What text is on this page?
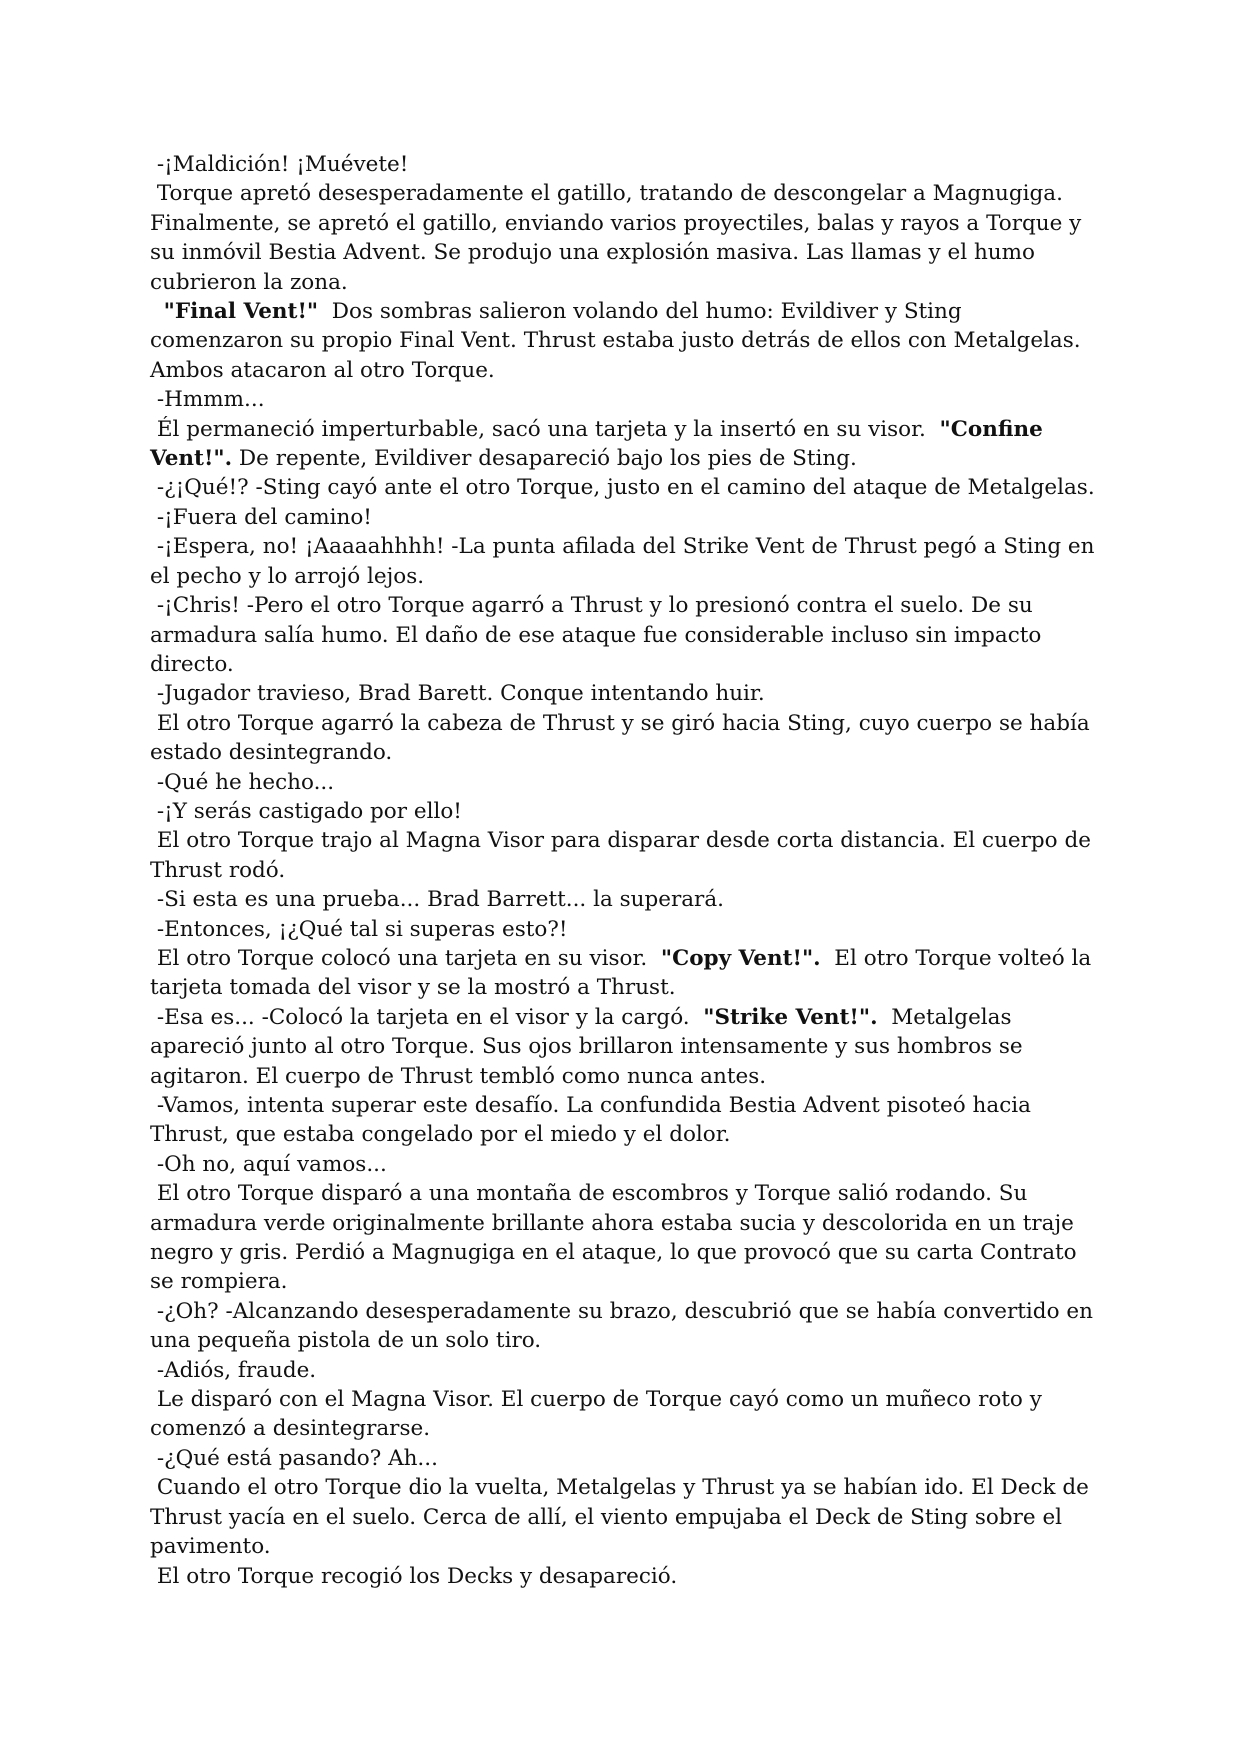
-¡Maldición! ¡Muévete!

Torque apretó desesperadamente el gatillo, tratando de descongelar a Magnugiga. Finalmente, se apretó el gatillo, enviando varios proyectiles, balas y rayos a Torque y su inmóvil Bestia Advent. Se produjo una explosión masiva. Las llamas y el humo cubrieron la zona.

"Final Vent!"  Dos sombras salieron volando del humo: Evildiver y Sting comenzaron su propio Final Vent. Thrust estaba justo detrás de ellos con Metalgelas. Ambos atacaron al otro Torque.

-Hmmm...

Él permaneció imperturbable, sacó una tarjeta y la insertó en su visor.  "Confine Vent!". De repente, Evildiver desapareció bajo los pies de Sting.

-¿¡Qué!? -Sting cayó ante el otro Torque, justo en el camino del ataque de Metalgelas.

-¡Fuera del camino!

-¡Espera, no! ¡Aaaaahhhh! -La punta afilada del Strike Vent de Thrust pegó a Sting en el pecho y lo arrojó lejos.

-¡Chris! -Pero el otro Torque agarró a Thrust y lo presionó contra el suelo. De su armadura salía humo. El daño de ese ataque fue considerable incluso sin impacto directo.

-Jugador travieso, Brad Barett. Conque intentando huir.

El otro Torque agarró la cabeza de Thrust y se giró hacia Sting, cuyo cuerpo se había estado desintegrando.

-Qué he hecho...

-¡Y serás castigado por ello!

El otro Torque trajo al Magna Visor para disparar desde corta distancia. El cuerpo de Thrust rodó.

-Si esta es una prueba... Brad Barrett... la superará.

-Entonces, ¡¿Qué tal si superas esto?!

El otro Torque colocó una tarjeta en su visor.  "Copy Vent!".  El otro Torque volteó la tarjeta tomada del visor y se la mostró a Thrust.

-Esa es... -Colocó la tarjeta en el visor y la cargó.  "Strike Vent!".  Metalgelas apareció junto al otro Torque. Sus ojos brillaron intensamente y sus hombros se agitaron. El cuerpo de Thrust tembló como nunca antes.

-Vamos, intenta superar este desafío. La confundida Bestia Advent pisoteó hacia Thrust, que estaba congelado por el miedo y el dolor.

-Oh no, aquí vamos...

El otro Torque disparó a una montaña de escombros y Torque salió rodando. Su armadura verde originalmente brillante ahora estaba sucia y descolorida en un traje negro y gris. Perdió a Magnugiga en el ataque, lo que provocó que su carta Contrato se rompiera.

-¿Oh? -Alcanzando desesperadamente su brazo, descubrió que se había convertido en una pequeña pistola de un solo tiro.

-Adiós, fraude.

Le disparó con el Magna Visor. El cuerpo de Torque cayó como un muñeco roto y comenzó a desintegrarse.

-¿Qué está pasando? Ah...

Cuando el otro Torque dio la vuelta, Metalgelas y Thrust ya se habían ido. El Deck de Thrust yacía en el suelo. Cerca de allí, el viento empujaba el Deck de Sting sobre el pavimento.

El otro Torque recogió los Decks y desapareció.
